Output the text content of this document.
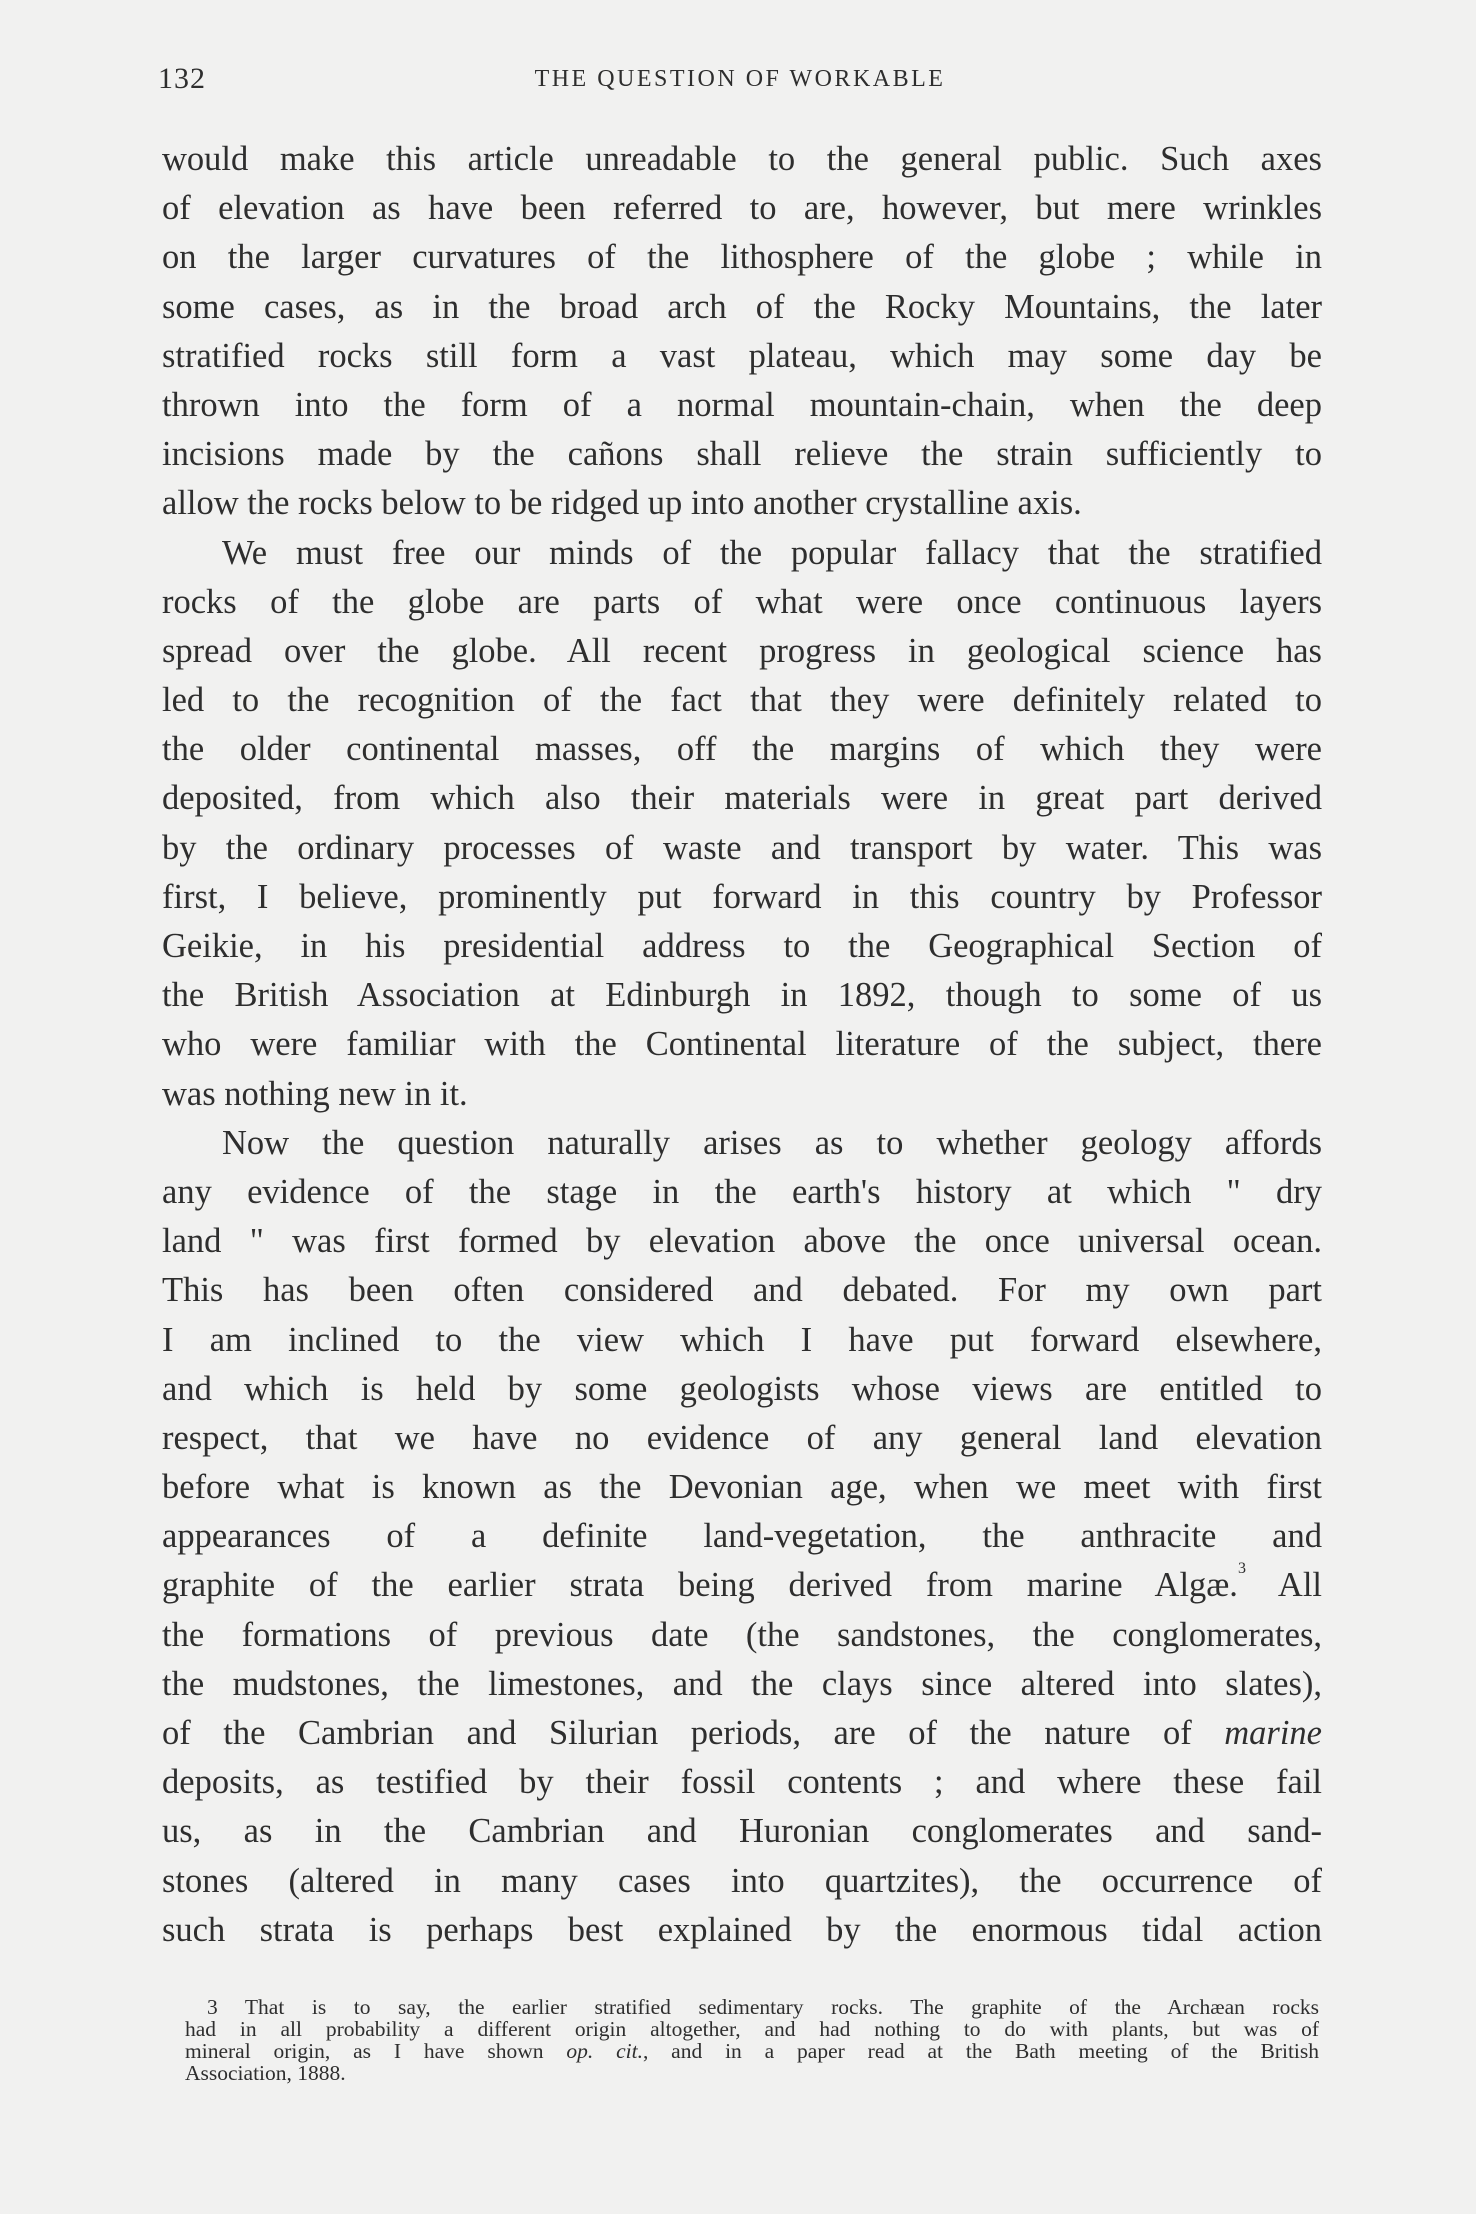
132	THE QUESTION OF WORKABLE
would make this article unreadable to the general public. Such axes
of elevation as have been referred to are, however, but mere wrinkles
on the larger curvatures of the lithosphere of the globe ; while in
some cases, as in the broad arch of the Rocky Mountains, the later
stratified rocks still form a vast plateau, which may some day be
thrown into the form of a normal mountain-chain, when the deep
incisions made by the cañons shall relieve the strain sufficiently to
allow the rocks below to be ridged up into another crystalline axis.
We must free our minds of the popular fallacy that the stratified
rocks of the globe are parts of what were once continuous layers
spread over the globe. All recent progress in geological science has
led to the recognition of the fact that they were definitely related to
the older continental masses, off the margins of which they were
deposited, from which also their materials were in great part derived
by the ordinary processes of waste and transport by water. This was
first, I believe, prominently put forward in this country by Professor
Geikie, in his presidential address to the Geographical Section of
the British Association at Edinburgh in 1892, though to some of us
who were familiar with the Continental literature of the subject, there
was nothing new in it.
Now the question naturally arises as to whether geology affords
any evidence of the stage in the earth's history at which " dry
land " was first formed by elevation above the once universal ocean.
This has been often considered and debated. For my own part
I am inclined to the view which I have put forward elsewhere,
and which is held by some geologists whose views are entitled to
respect, that we have no evidence of any general land elevation
before what is known as the Devonian age, when we meet with first
appearances of a definite land-vegetation, the anthracite and
graphite of the earlier strata being derived from marine Algæ.$^3$ All
the formations of previous date (the sandstones, the conglomerates,
the mudstones, the limestones, and the clays since altered into slates),
of the Cambrian and Silurian periods, are of the nature of marine
deposits, as testified by their fossil contents ; and where these fail
us, as in the Cambrian and Huronian conglomerates and sand-
stones (altered in many cases into quartzites), the occurrence of
such strata is perhaps best explained by the enormous tidal action
3 That is to say, the earlier stratified sedimentary rocks. The graphite of the Archæan rocks
had in all probability a different origin altogether, and had nothing to do with plants, but was of
mineral origin, as I have shown op. cit., and in a paper read at the Bath meeting of the British
Association, 1888.
